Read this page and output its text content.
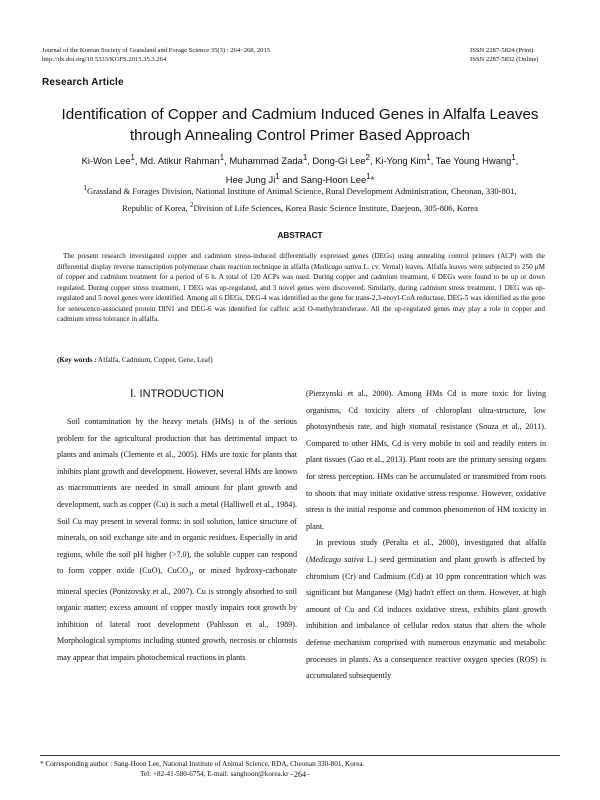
Journal of the Korean Society of Grassland and Forage Science 35(3) : 264~268, 2015
http://dx.doi.org/10.5333/KGFS.2015.35.3.264
ISSN 2287-5824 (Print)
ISSN 2287-5832 (Online)
Research Article
Identification of Copper and Cadmium Induced Genes in Alfalfa Leaves
through Annealing Control Primer Based Approach
Ki-Won Lee$^1$, Md. Atikur Rahman$^1$, Muhammad Zada$^1$, Dong-Gi Lee$^2$, Ki-Yong Kim$^1$, Tae Young Hwang$^1$,
Hee Jung Ji$^1$ and Sang-Hoon Lee$^1$*
$^1$Grassland & Forages Division, National Institute of Animal Science, Rural Development Administration, Cheonan, 330-801,
Republic of Korea, $^2$Division of Life Sciences, Korea Basic Science Institute, Daejeon, 305-806, Korea
ABSTRACT
The present research investigated copper and cadmium stress-induced differentially expressed genes (DEGs) using annealing control primers (ACP) with the differential display reverse transcription polymerase chain reaction technique in alfalfa (Medicago sativa L. cv. Vernal) leaves. Alfalfa leaves were subjected to 250 μM of copper and cadmium treatment for a period of 6 h. A total of 120 ACPs was used. During copper and cadmium treatment, 6 DEGs were found to be up or down regulated. During copper stress treatment, 1 DEG was up-regulated, and 3 novel genes were discovered. Similarly, during cadmium stress treatment, 1 DEG was up-regulated and 5 novel genes were identified. Among all 6 DEGs, DEG-4 was identified as the gene for trans-2,3-enoyl-CoA reductase, DEG-5 was identified as the gene for senescence-associated protein DIN1 and DEG-6 was identified for caffeic acid O-methyltransferase. All the up-regulated genes may play a role in copper and cadmium stress tolerance in alfalfa.
(Key words : Alfalfa, Cadmium, Copper, Gene, Leaf)
Ⅰ. INTRODUCTION

Soil contamination by the heavy metals (HMs) is of the serious problem for the agricultural production that has detrimental impact to plants and animals (Clemente et al., 2005). HMs are toxic for plants that inhibits plant growth and development. However, several HMs are known as macronutrients are needed in small amount for plant growth and development, such as copper (Cu) is such a metal (Halliwell et al., 1984). Soil Cu may present in several forms: in soil solution, lattice structure of minerals, on soil exchange site and in organic residues. Especially in arid regions, while the soil pH higher (>7.0), the soluble cupper can respond to form copper oxide (CuO), CuCO$_3$, or mixed hydroxy-carbonate mineral species (Ponizovsky et al., 2007). Cu is strongly absorbed to soil organic matter; excess amount of copper mostly impairs root growth by inhibition of lateral root development (Pahlsson et al., 1989). Morphological symptoms including stunted growth, necrosis or chlorosis may appear that impairs photochemical reactions in plants

(Pierzynski et al., 2000). Among HMs Cd is more toxic for living organisms, Cd toxicity alters of chloroplast ultra-structure, low photosynthesis rate, and high stomatal resistance (Souza et al., 2011). Compared to other HMs, Cd is very mobile in soil and readily enters in plant tissues (Gao et al., 2013). Plant roots are the primary sensing organs for stress perception. HMs can be accumulated or transmitted from roots to shoots that may initiate oxidative stress response. However, oxidative stress is the initial response and common phenomenon of HM toxicity in plant.

In previous study (Peralta et al., 2000), investigated that alfalfa (Medicago sativa L.) seed germination and plant growth is affected by chromium (Cr) and Cadmium (Cd) at 10 ppm concentration which was significant but Manganese (Mg) hadn't effect on them. However, at high amount of Cu and Cd induces oxidative stress, exhibits plant growth inhibition and imbalance of cellular redox status that alters the whole defense mechanism comprised with numerous enzymatic and metabolic processes in plants. As a consequence reactive oxygen species (ROS) is accumulated subsequently

* Corresponding author : Sang-Hoon Lee, National Institute of Animal Science, RDA, Cheonan 330-801, Korea.
Tel: +82-41-580-6754, E-mail: sanghoon@korea.kr −264−
